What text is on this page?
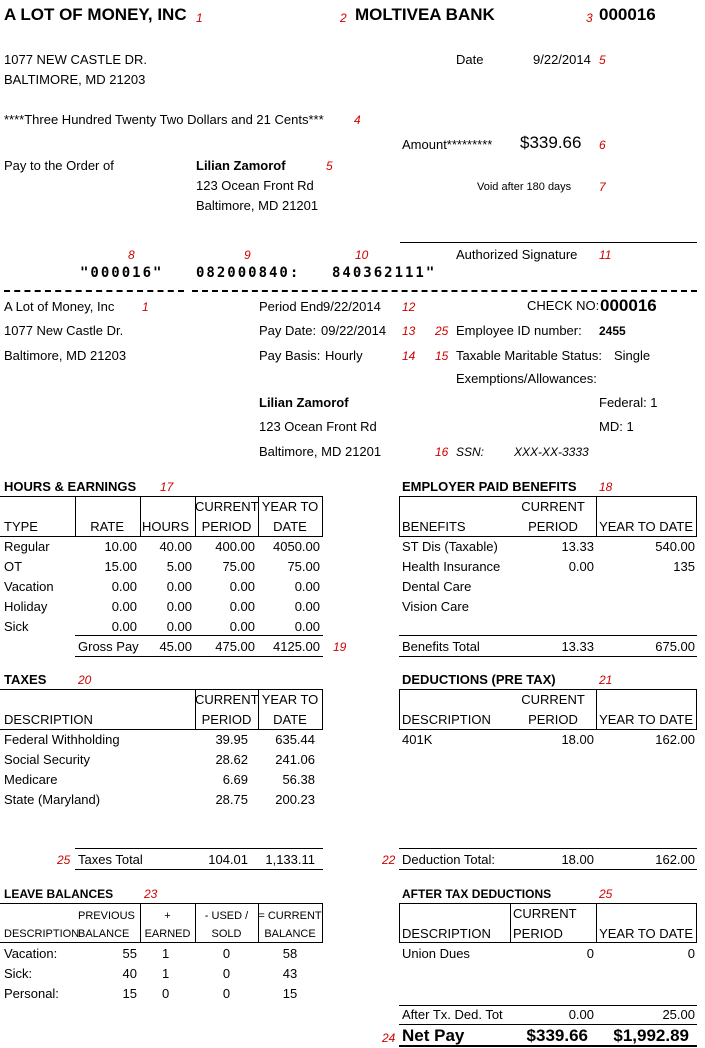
A LOT OF MONEY, INC 1	2 MOLTIVEA BANK	3 000016
1077 NEW CASTLE DR.
BALTIMORE, MD 21203
Date	9/22/2014 5
****Three Hundred Twenty Two Dollars and 21 Cents***	4
Amount********* $339.66 6
Pay to the Order of	Lilian Zamorof	5
123 Ocean Front Rd
Baltimore, MD 21201
Void after 180 days 7
Authorized Signature 11
8	9	10
"000016" 082000840: 840362111"
A Lot of Money, Inc 1
1077 New Castle Dr.
Baltimore, MD 21203
Period End 9/22/2014 12
Pay Date: 09/22/2014 13
Pay Basis: Hourly	14
CHECK NO: 000016
25 Employee ID number: 2455
15 Taxable Maritable Status: Single
Exemptions/Allowances:
Federal: 1
MD: 1
Lilian Zamorof
123 Ocean Front Rd
Baltimore, MD 21201	16 SSN: XXX-XX-3333
HOURS & EARNINGS 17
TYPE	RATE HOURS
CURRENT
PERIOD
YEAR TO
DATE
Regular	10.00	40.00	400.00	4050.00
OT	15.00	5.00	75.00	75.00
Vacation	0.00	0.00	0.00	0.00
Holiday	0.00	0.00	0.00	0.00
Sick	0.00	0.00	0.00	0.00
Gross Pay	45.00	475.00	4125.00 19
EMPLOYER PAID BENEFITS 18
BENEFITS
CURRENT
PERIOD	YEAR TO DATE
ST Dis (Taxable)	13.33	540.00
Health Insurance	0.00	135
Dental Care
Vision Care
Benefits Total	13.33	675.00
TAXES	20
DESCRIPTION
CURRENT
PERIOD
YEAR TO
DATE
Federal Withholding	39.95	635.44
Social Security	28.62	241.06
Medicare	6.69	56.38
State (Maryland)	28.75	200.23
25 Taxes Total	104.01	1,133.11
DEDUCTIONS (PRE TAX)	21
DESCRIPTION
CURRENT
PERIOD	YEAR TO DATE
401K	18.00	162.00
22 Deduction Total:	18.00	162.00
LEAVE BALANCES	23
DESCRIPTION
PREVIOUS
BALANCE
+
EARNED
- USED /
SOLD
= CURRENT
BALANCE
Vacation:	55 1	0	58
Sick:	40 1	0	43
Personal:	15 0	0	15
AFTER TAX DEDUCTIONS	25
DESCRIPTION
CURRENT
PERIOD	YEAR TO DATE
Union Dues	0	0
After Tx. Ded. Tot	0.00	25.00
24 Net Pay	$339.66	$1,992.89
